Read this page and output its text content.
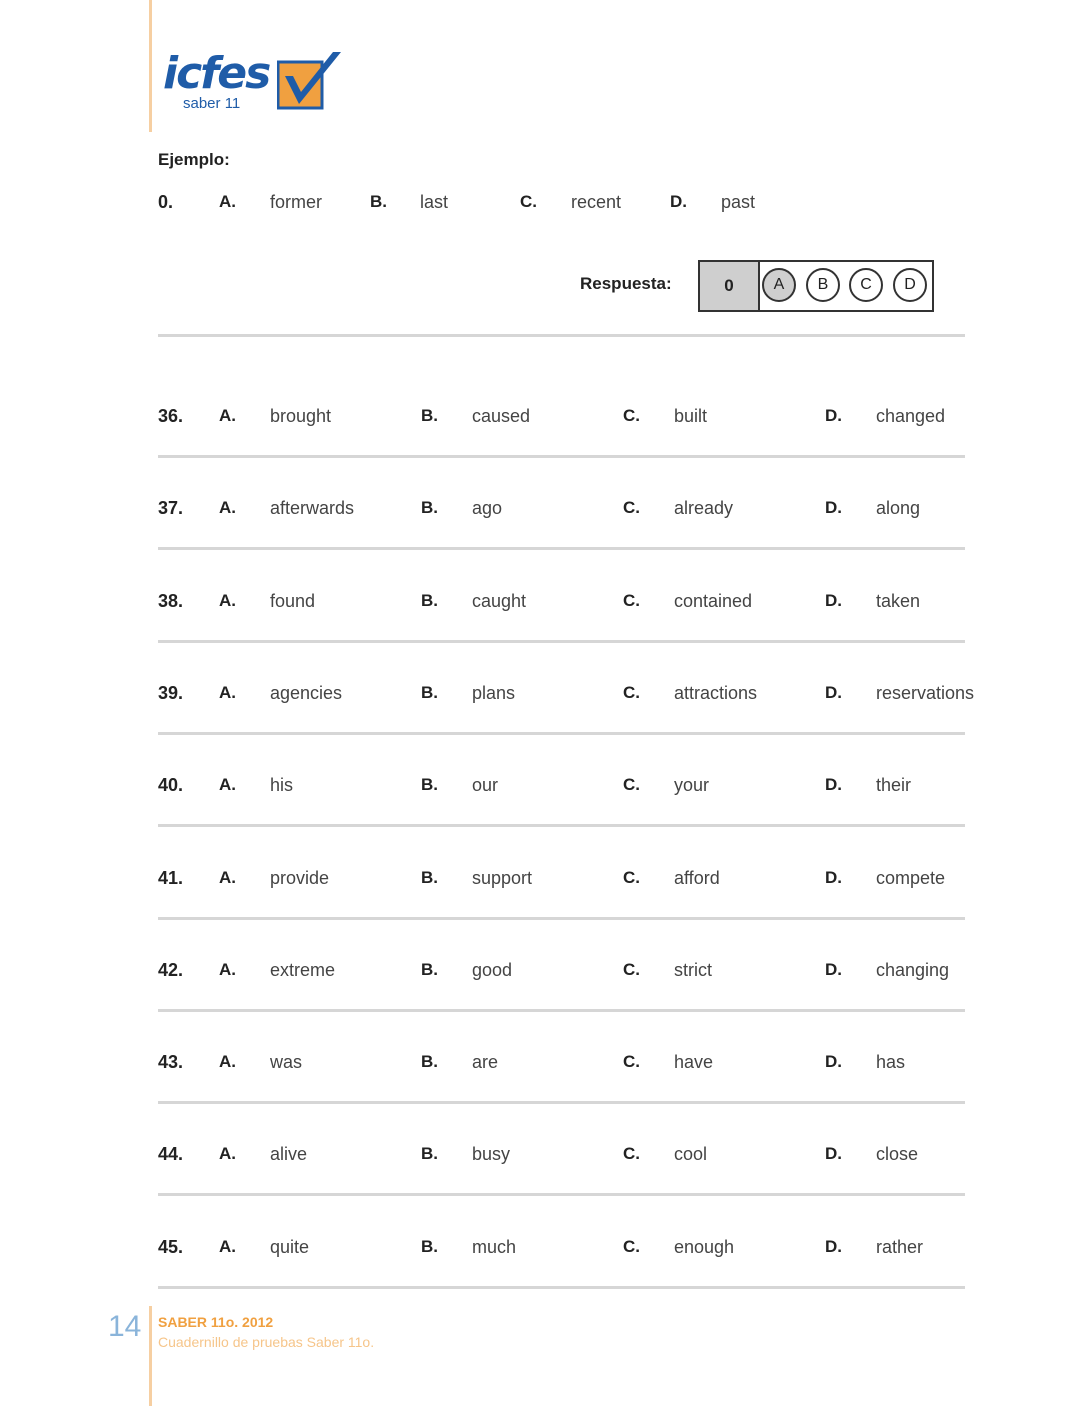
icfes
saber 11
Ejemplo:
0.	A. former	B. last	C. recent	D. past
Respuesta:	0	A	B	C	D
36. A. brought	B. caused	C. built	D. changed
37. A. afterwards	B. ago	C. already	D. along
38. A. found	B. caught	C. contained	D. taken
39. A. agencies	B. plans	C. attractions	D. reservations
40. A. his	B. our	C. your	D. their
41. A. provide	B. support	C. afford	D. compete
42. A. extreme	B. good	C. strict	D. changing
43. A. was	B. are	C. have	D. has
44. A. alive	B. busy	C. cool	D. close
45. A. quite	B. much	C. enough	D. rather
14 SABER 11o. 2012
Cuadernillo de pruebas Saber 11o.
